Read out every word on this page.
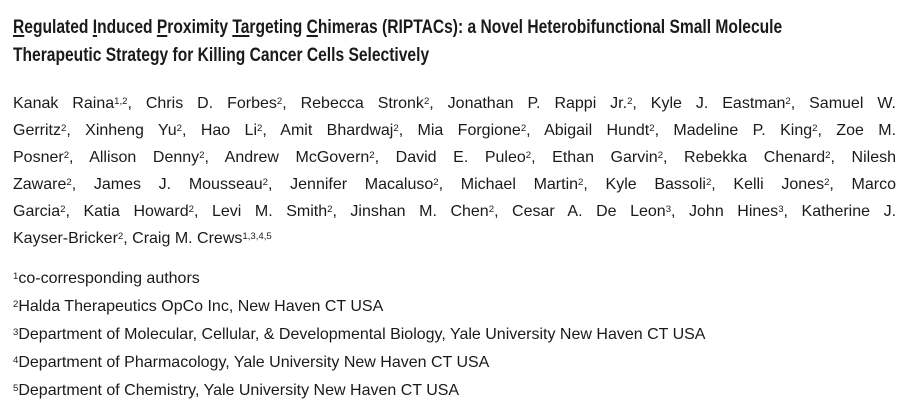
Regulated Induced Proximity Targeting Chimeras (RIPTACs): a Novel Heterobifunctional Small Molecule
Therapeutic Strategy for Killing Cancer Cells Selectively
Kanak Raina$^{1,2}$, Chris D. Forbes$^2$, Rebecca Stronk$^2$, Jonathan P. Rappi Jr.$^2$, Kyle J. Eastman$^2$, Samuel W.
Gerritz$^2$, Xinheng Yu$^2$, Hao Li$^2$, Amit Bhardwaj$^2$, Mia Forgione$^2$, Abigail Hundt$^2$, Madeline P. King$^2$, Zoe M.
Posner$^2$, Allison Denny$^2$, Andrew McGovern$^2$, David E. Puleo$^2$, Ethan Garvin$^2$, Rebekka Chenard$^2$, Nilesh
Zaware$^2$, James J. Mousseau$^2$, Jennifer Macaluso$^2$, Michael Martin$^2$, Kyle Bassoli$^2$, Kelli Jones$^2$, Marco
Garcia$^2$, Katia Howard$^2$, Levi M. Smith$^2$, Jinshan M. Chen$^2$, Cesar A. De Leon$^3$, John Hines$^3$, Katherine J.
Kayser-Bricker$^2$, Craig M. Crews$^{1,3,4,5}$
$^1$co-corresponding authors
$^2$Halda Therapeutics OpCo Inc, New Haven CT USA
$^3$Department of Molecular, Cellular, & Developmental Biology, Yale University New Haven CT USA
$^4$Department of Pharmacology, Yale University New Haven CT USA
$^5$Department of Chemistry, Yale University New Haven CT USA
